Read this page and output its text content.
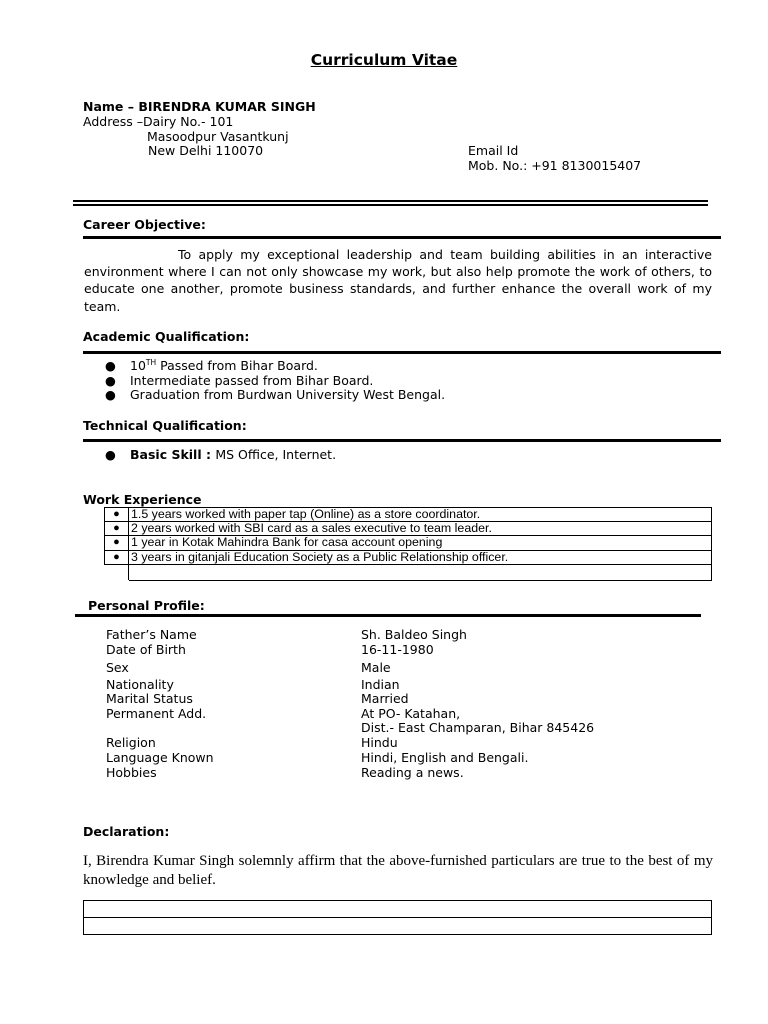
Curriculum Vitae
Name – BIRENDRA KUMAR SINGH
Address –Dairy No.- 101
Masoodpur Vasantkunj
New Delhi 110070	Email Id
Mob. No.: +91 8130015407
Career Objective:
To apply my exceptional leadership and team building abilities in an interactive environment where I can not only showcase my work, but also help promote the work of others, to educate one another, promote business standards, and further enhance the overall work of my team.
Academic Qualification:
● 10TH Passed from Bihar Board.
● Intermediate passed from Bihar Board.
● Graduation from Burdwan University West Bengal.
Technical Qualification:
● Basic Skill : MS Office, Internet.
Work Experience
●	1.5 years worked with paper tap (Online) as a store coordinator.
●	2 years worked with SBI card as a sales executive to team leader.
●	1 year in Kotak Mahindra Bank for casa account opening
●	3 years in gitanjali Education Society as a Public Relationship officer.

Personal Profile:
Father’s Name	Sh. Baldeo Singh
Date of Birth	16-11-1980
Sex	Male
Nationality	Indian
Marital Status	Married
Permanent Add.	At PO- Katahan,
Dist.- East Champaran, Bihar 845426
Religion	Hindu
Language Known	Hindi, English and Bengali.
Hobbies	Reading a news.
Declaration:
I, Birendra Kumar Singh solemnly affirm that the above-furnished particulars are true to the best of my knowledge and belief.
